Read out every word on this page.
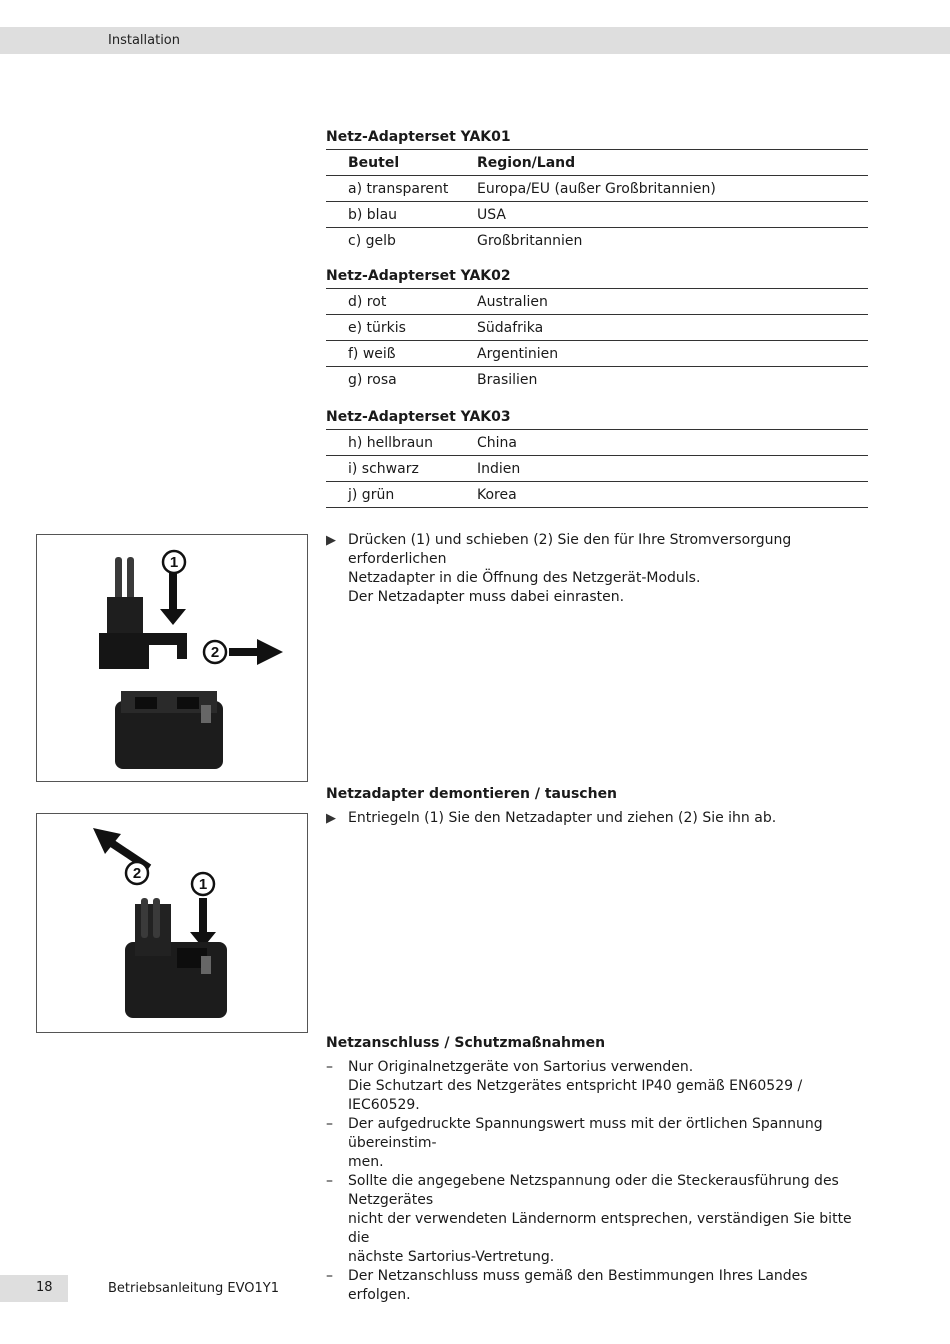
Installation
Netz-Adapterset YAK01
Beutel	Region/Land
a) transparent	Europa/EU (außer Großbritannien)
b) blau	USA
c) gelb	Großbritannien
Netz-Adapterset YAK02
d) rot	Australien
e) türkis	Südafrika
f) weiß	Argentinien
g) rosa	Brasilien
Netz-Adapterset YAK03
h) hellbraun	China
i) schwarz	Indien
j) grün	Korea
1
2
▶ Drücken (1) und schieben (2) Sie den für Ihre Stromversorgung erforderlichen
Netzadapter in die Öffnung des Netzgerät-Moduls.
Der Netzadapter muss dabei einrasten.
Netzadapter demontieren / tauschen
▶ Entriegeln (1) Sie den Netzadapter und ziehen (2) Sie ihn ab.
2
1
Netzanschluss / Schutzmaßnahmen
– Nur Originalnetzgeräte von Sartorius verwenden.
Die Schutzart des Netzgerätes entspricht IP40 gemäß EN60529 / IEC60529.
– Der aufgedruckte Spannungswert muss mit der örtlichen Spannung übereinstim-
men.
– Sollte die angegebene Netzspannung oder die Steckerausführung des Netzgerätes
nicht der verwendeten Ländernorm entsprechen, verständigen Sie bitte die
nächste Sartorius-Vertretung.
– Der Netzanschluss muss gemäß den Bestimmungen Ihres Landes erfolgen.
18	Betriebsanleitung EVO1Y1
